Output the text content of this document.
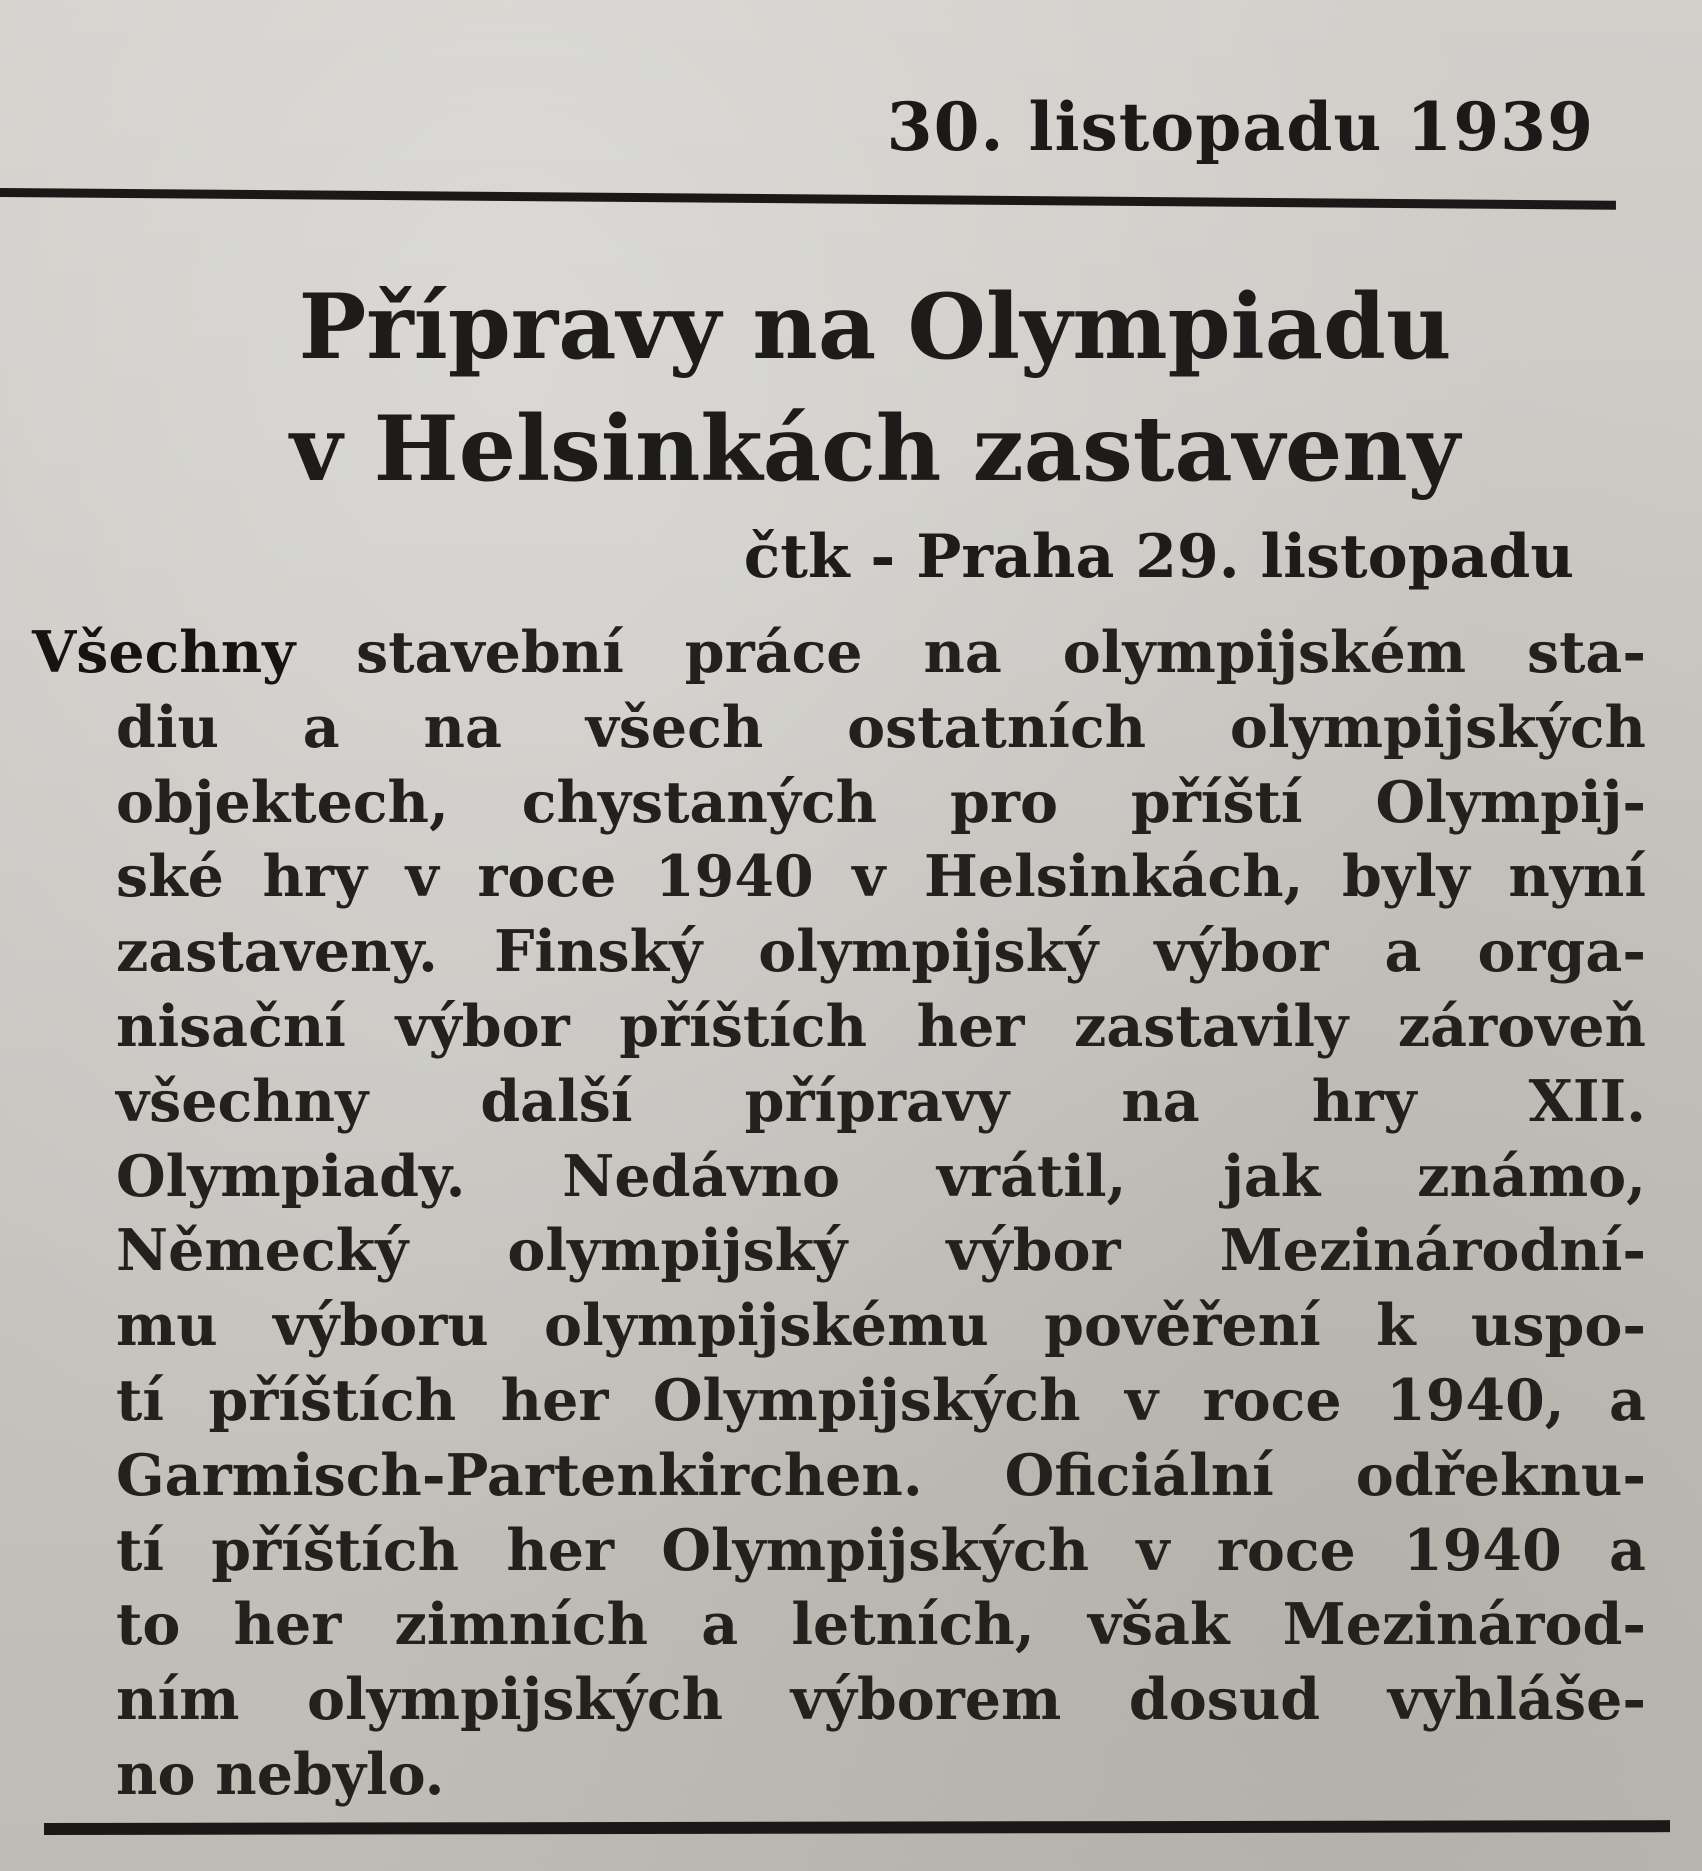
30. listopadu 1939
Přípravy na Olympiadu
v Helsinkách zastaveny
čtk - Praha 29. listopadu
Všechny stavební práce na olympijském sta-
diu a na všech ostatních olympijských
objektech, chystaných pro příští Olympij-
ské hry v roce 1940 v Helsinkách, byly nyní
zastaveny. Finský olympijský výbor a orga-
nisační výbor příštích her zastavily zároveň
všechny další přípravy na hry XII.
Olympiady. Nedávno vrátil, jak známo,
Německý olympijský výbor Mezinárodní-
mu výboru olympijskému pověření k uspo-
tí příštích her Olympijských v roce 1940, a
Garmisch-Partenkirchen. Oficiální odřeknu-
tí příštích her Olympijských v roce 1940 a
to her zimních a letních, však Mezinárod-
ním olympijských výborem dosud vyhláše-
no nebylo.
